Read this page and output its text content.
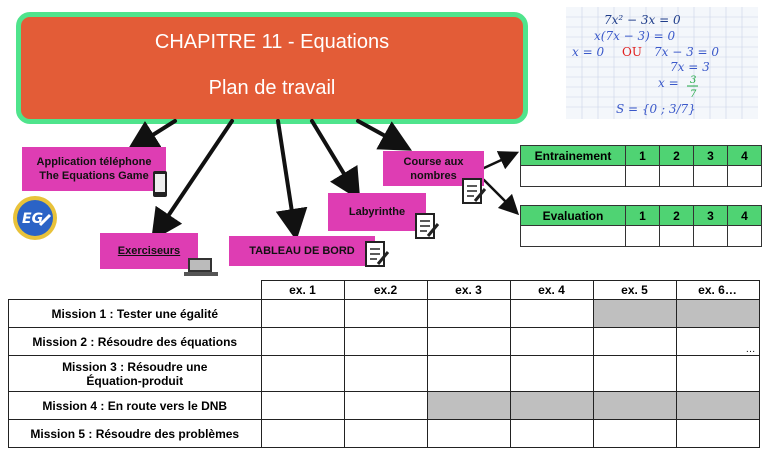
CHAPITRE 11 - Equations
Plan de travail
7x² − 3x = 0
x(7x − 3) = 0
x = 0 OU 7x − 3 = 0
7x = 3
x = 3
7
S = {0 ; 3/7}
Application téléphone
The Equations Game
EG
Exerciseurs	TABLEAU DE BORD
Labyrinthe
Course aux
nombres
Entrainement	1	2	3	4

Evaluation	1	2	3	4

	ex. 1	ex.2	ex. 3	ex. 4	ex. 5	ex. 6…
Mission 1 : Tester une égalité						
Mission 2 : Résoudre des équations						…

Mission 3 : Résoudre une
Équation-produit						

Mission 4 : En route vers le DNB						
Mission 5 : Résoudre des problèmes						
